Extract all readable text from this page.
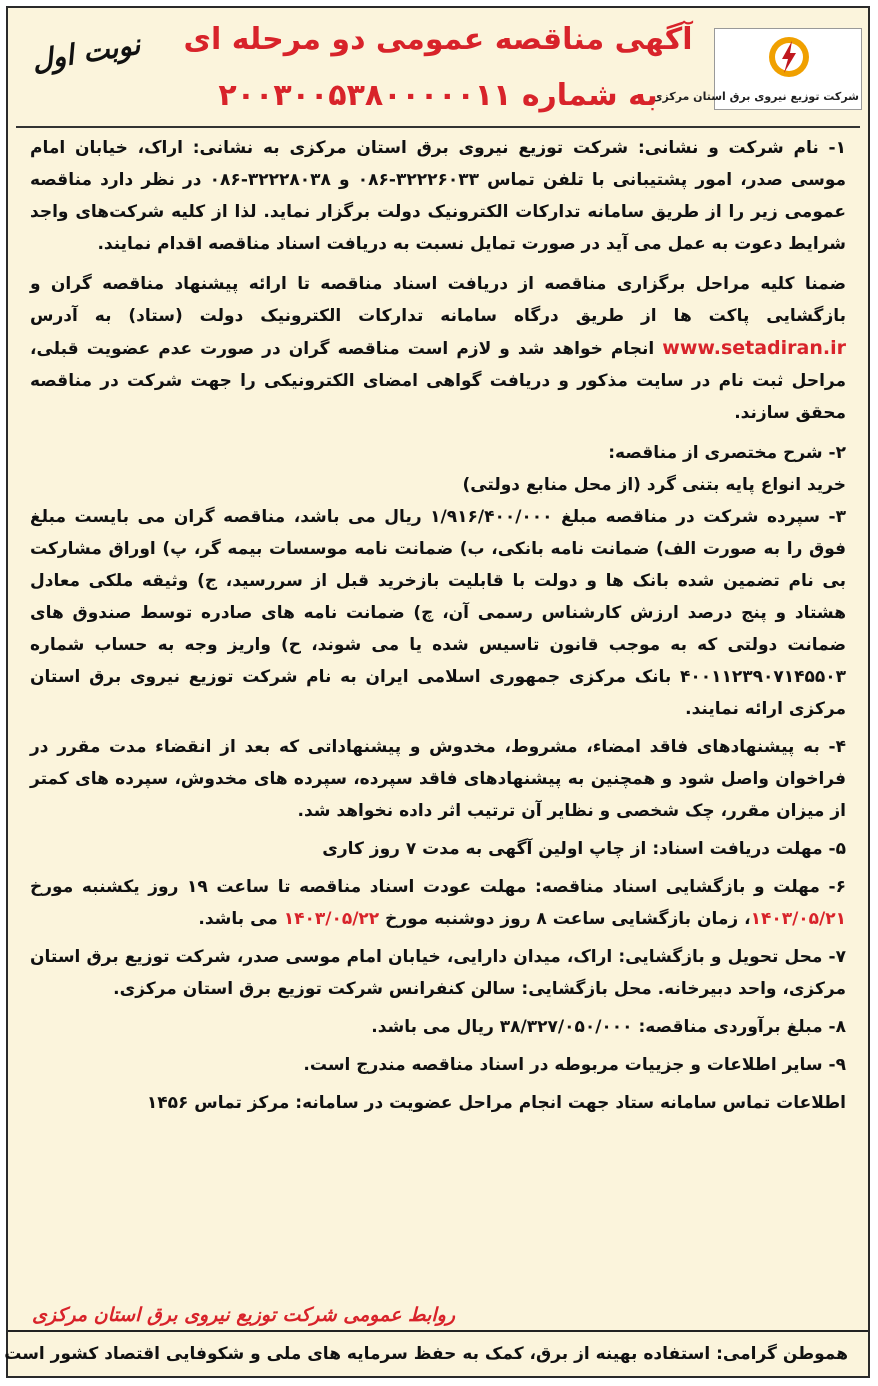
شرکت توزیع نیروی برق استان مرکزی
نوبت اول	آگهی مناقصه عمومی دو مرحله ای
به شماره ۲۰۰۳۰۰۵۳۸۰۰۰۰۰۱۱

۱- نام شرکت و نشانی: شرکت توزیع نیروی برق استان مرکزی به نشانی: اراک، خیابان امام موسی صدر، امور پشتیبانی با تلفن تماس ۳۲۲۲۶۰۳۳-۰۸۶ و ۳۲۲۲۸۰۳۸-۰۸۶ در نظر دارد مناقصه عمومی زیر را از طریق سامانه تدارکات الکترونیک دولت برگزار نماید. لذا از کلیه شرکت‌های واجد شرایط دعوت به عمل می آید در صورت تمایل نسبت به دریافت اسناد مناقصه اقدام نمایند.

ضمنا کلیه مراحل برگزاری مناقصه از دریافت اسناد مناقصه تا ارائه پیشنهاد مناقصه گران و بازگشایی پاکت ها از طریق درگاه سامانه تدارکات الکترونیک دولت (ستاد) به آدرس www.setadiran.ir انجام خواهد شد و لازم است مناقصه گران در صورت عدم عضویت قبلی، مراحل ثبت نام در سایت مذکور و دریافت گواهی امضای الکترونیکی را جهت شرکت در مناقصه محقق سازند.

۲- شرح مختصری از مناقصه:

خرید انواع پایه بتنی گرد (از محل منابع دولتی)

۳- سپرده شرکت در مناقصه مبلغ ۱/۹۱۶/۴۰۰/۰۰۰ ریال می باشد، مناقصه گران می بایست مبلغ فوق را به صورت الف) ضمانت نامه بانکی، ب) ضمانت نامه موسسات بیمه گر، پ) اوراق مشارکت بی نام تضمین شده بانک ها و دولت با قابلیت بازخرید قبل از سررسید، ج) وثیقه ملکی معادل هشتاد و پنج درصد ارزش کارشناس رسمی آن، چ) ضمانت نامه های صادره توسط صندوق های ضمانت دولتی که به موجب قانون تاسیس شده یا می شوند، ح) واریز وجه به حساب شماره ۴۰۰۱۱۲۳۹۰۷۱۴۵۵۰۳ بانک مرکزی جمهوری اسلامی ایران به نام شرکت توزیع نیروی برق استان مرکزی ارائه نمایند.

۴- به پیشنهادهای فاقد امضاء، مشروط، مخدوش و پیشنهاداتی که بعد از انقضاء مدت مقرر در فراخوان واصل شود و همچنین به پیشنهادهای فاقد سپرده، سپرده های مخدوش، سپرده های کمتر از میزان مقرر، چک شخصی و نظایر آن ترتیب اثر داده نخواهد شد.

۵- مهلت دریافت اسناد: از چاپ اولین آگهی به مدت ۷ روز کاری

۶- مهلت و بازگشایی اسناد مناقصه: مهلت عودت اسناد مناقصه تا ساعت ۱۹ روز یکشنبه مورخ ۱۴۰۳/۰۵/۲۱، زمان بازگشایی ساعت ۸ روز دوشنبه مورخ ۱۴۰۳/۰۵/۲۲ می باشد.

۷- محل تحویل و بازگشایی: اراک، میدان دارایی، خیابان امام موسی صدر، شرکت توزیع برق استان مرکزی، واحد دبیرخانه. محل بازگشایی: سالن کنفرانس شرکت توزیع برق استان مرکزی.

۸- مبلغ برآوردی مناقصه: ۳۸/۳۲۷/۰۵۰/۰۰۰ ریال می باشد.

۹- سایر اطلاعات و جزییات مربوطه در اسناد مناقصه مندرج است.

اطلاعات تماس سامانه ستاد جهت انجام مراحل عضویت در سامانه: مرکز تماس ۱۴۵۶

روابط عمومی شرکت توزیع نیروی برق استان مرکزی
هموطن گرامی: استفاده بهینه از برق، کمک به حفظ سرمایه های ملی و شکوفایی اقتصاد کشور است
